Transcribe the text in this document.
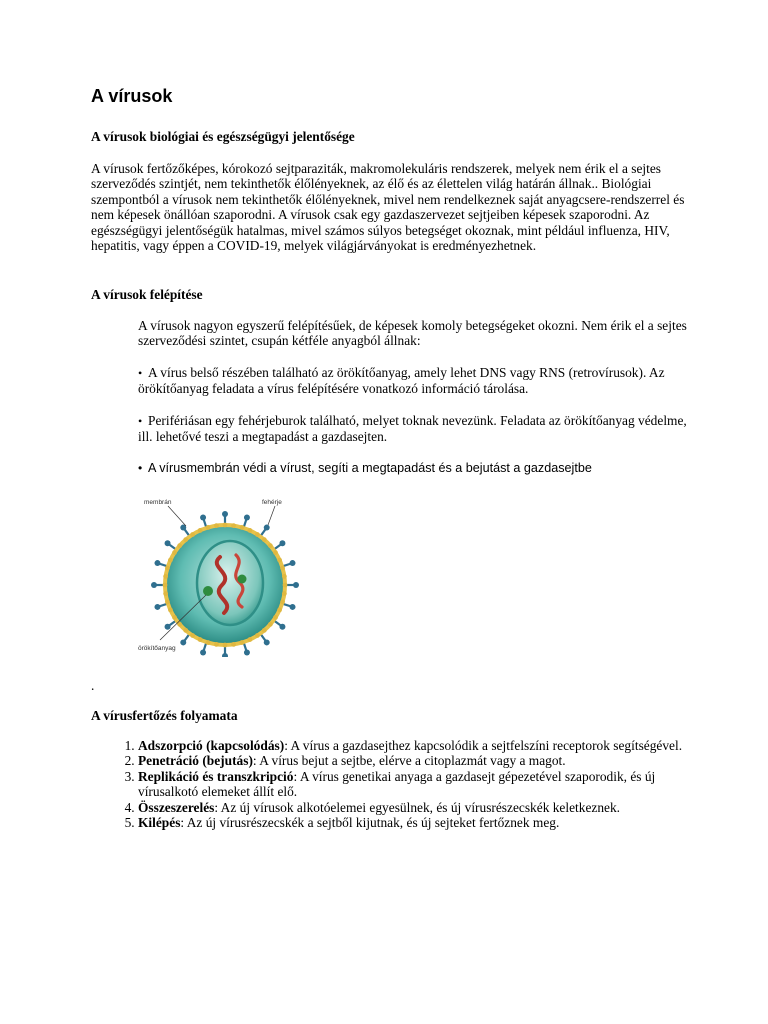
A vírusok
A vírusok biológiai és egészségügyi jelentősége
A vírusok fertőzőképes, kórokozó sejtparaziták, makromolekuláris rendszerek, melyek nem érik el a sejtes szerveződés szintjét, nem tekinthetők élőlényeknek, az élő és az élettelen világ határán állnak.. Biológiai szempontból a vírusok nem tekinthetők élőlényeknek, mivel nem rendelkeznek saját anyagcsere-rendszerrel és nem képesek önállóan szaporodni. A vírusok csak egy gazdaszervezet sejtjeiben képesek szaporodni. Az egészségügyi jelentőségük hatalmas, mivel számos súlyos betegséget okoznak, mint például influenza, HIV, hepatitis, vagy éppen a COVID-19, melyek világjárványokat is eredményezhetnek.
A vírusok felépítése
A vírusok nagyon egyszerű felépítésűek, de képesek komoly betegségeket okozni. Nem érik el a sejtes szerveződési szintet, csupán kétféle anyagból állnak:
• A vírus belső részében található az örökítőanyag, amely lehet DNS vagy RNS (retrovírusok). Az örökítőanyag feladata a vírus felépítésére vonatkozó információ tárolása.
• Perifériásan egy fehérjeburok található, melyet toknak nevezünk. Feladata az örökítőanyag védelme, ill. lehetővé teszi a megtapadást a gazdasejten.
• A vírusmembrán védi a vírust, segíti a megtapadást és a bejutást a gazdasejtbe
membrán	fehérje
örökítőanyag
.
A vírusfertőzés folyamata
1. Adszorpció (kapcsolódás): A vírus a gazdasejthez kapcsolódik a sejtfelszíni receptorok segítségével.
2. Penetráció (bejutás): A vírus bejut a sejtbe, elérve a citoplazmát vagy a magot.
3. Replikáció és transzkripció: A vírus genetikai anyaga a gazdasejt gépezetével szaporodik, és új vírusalkotó elemeket állít elő.
4. Összeszerelés: Az új vírusok alkotóelemei egyesülnek, és új vírusrészecskék keletkeznek.
5. Kilépés: Az új vírusrészecskék a sejtből kijutnak, és új sejteket fertőznek meg.
